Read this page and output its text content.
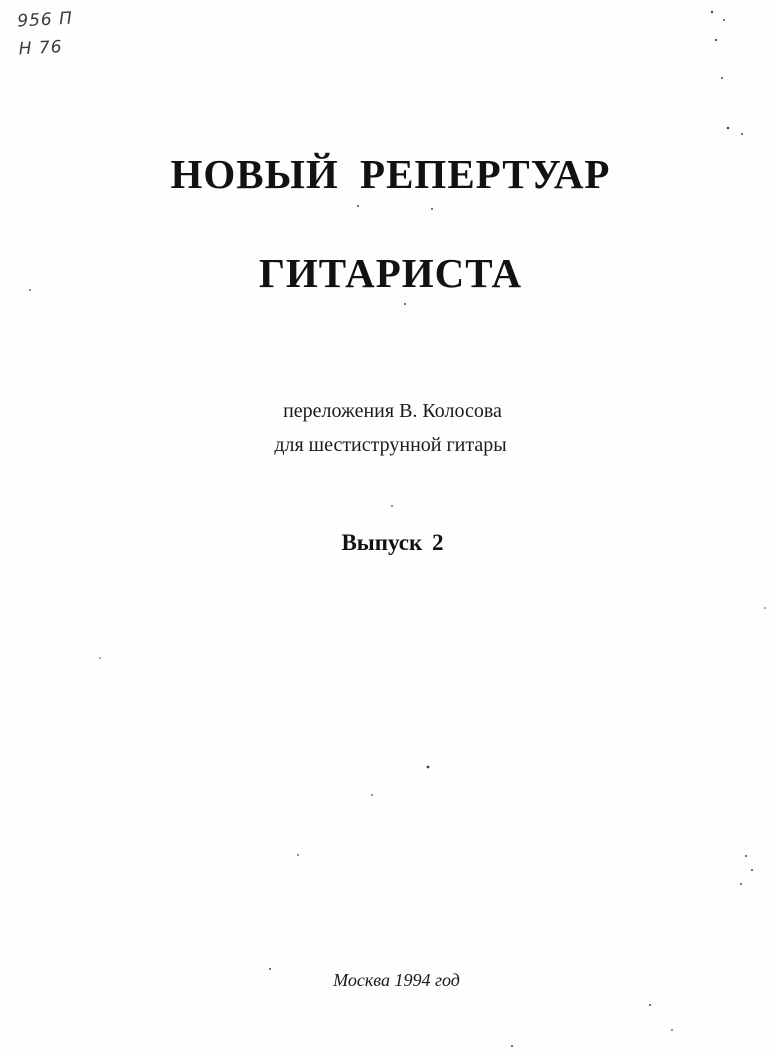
956 П
Н 76
НОВЫЙ РЕПЕРТУАР
ГИТАРИСТА
переложения В. Колосова
для шестиструнной гитары
Выпуск 2
Москва 1994 год
